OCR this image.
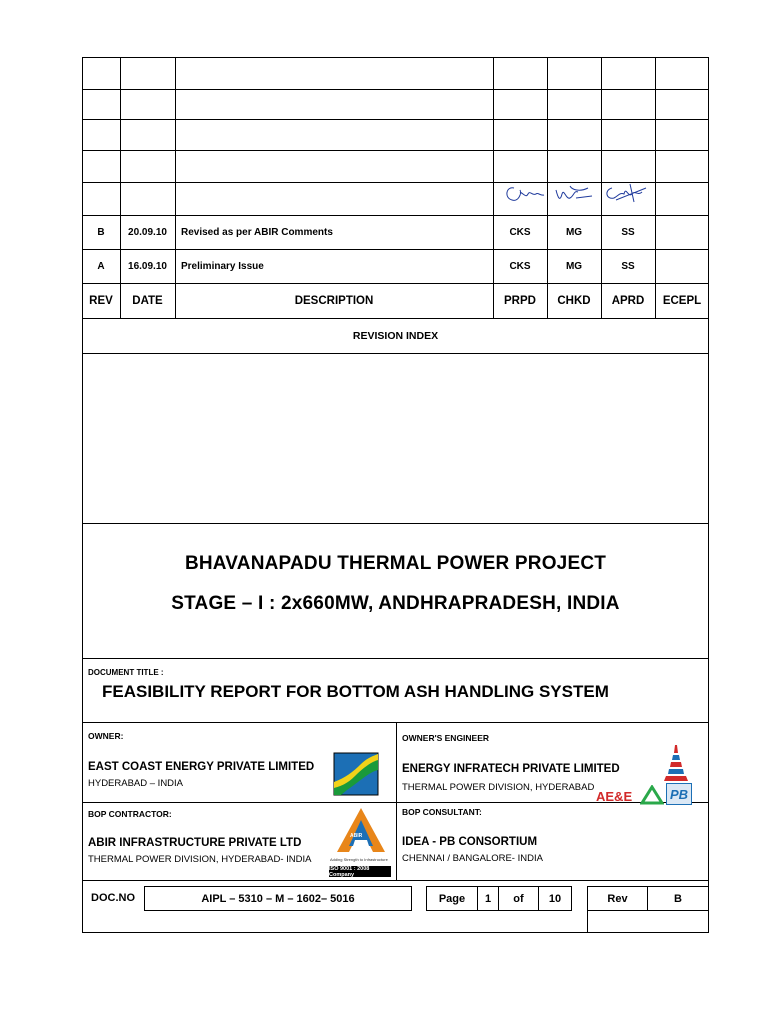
B	20.09.10	Revised as per ABIR Comments	CKS	MG	SS
A	16.09.10	Preliminary Issue	CKS	MG	SS
REV	DATE	DESCRIPTION	PRPD	CHKD	APRD	ECEPL
REVISION INDEX
BHAVANAPADU THERMAL POWER PROJECT
STAGE – I : 2x660MW, ANDHRAPRADESH, INDIA
DOCUMENT TITLE :
FEASIBILITY REPORT FOR BOTTOM ASH HANDLING SYSTEM
OWNER:
EAST COAST ENERGY PRIVATE LIMITED
HYDERABAD – INDIA
OWNER'S ENGINEER
ENERGY INFRATECH PRIVATE LIMITED
THERMAL POWER DIVISION, HYDERABAD
AE&E	PB
BOP CONTRACTOR:
ABIR INFRASTRUCTURE PRIVATE LTD
THERMAL POWER DIVISION, HYDERABAD- INDIA
ABIR
Adding Strength to Infrastructure
ISO 9001 : 2008 Company
BOP CONSULTANT:
IDEA - PB CONSORTIUM
CHENNAI / BANGALORE- INDIA
DOC.NO	AIPL – 5310 – M – 1602– 5016	Page	1	of	10	Rev	B
